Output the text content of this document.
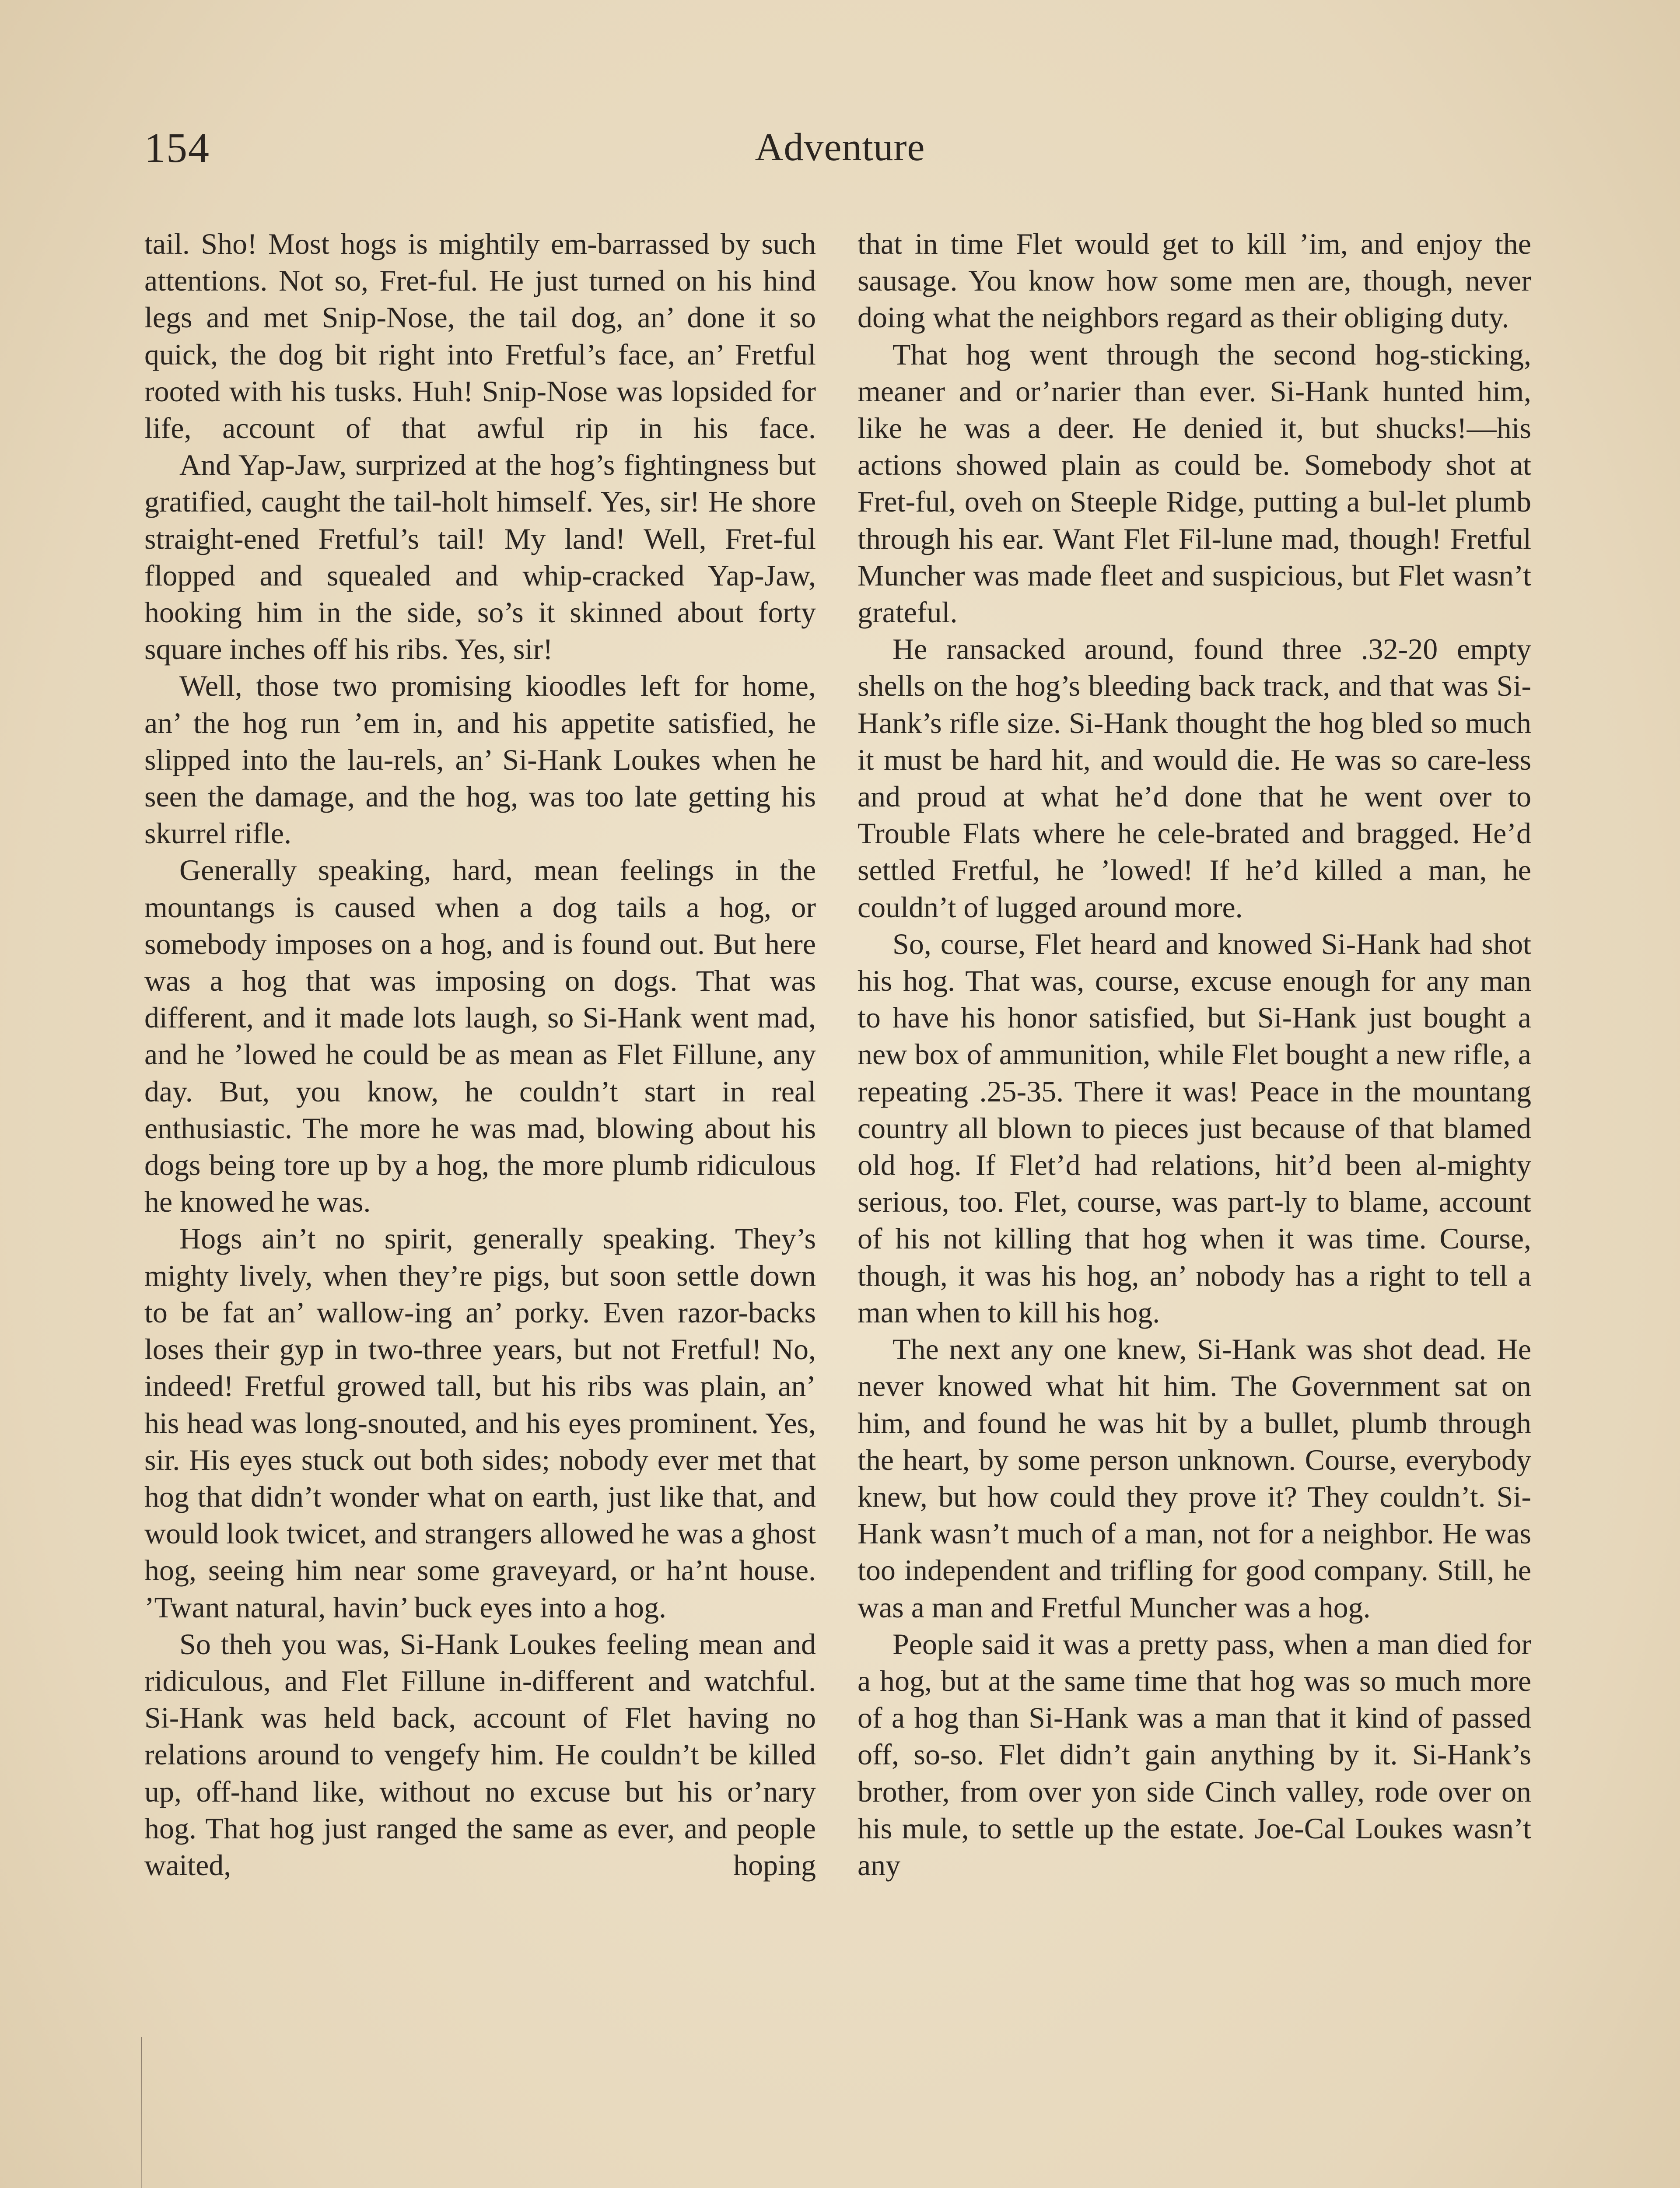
154	Adventure

tail. Sho! Most hogs is mightily em-barrassed by such attentions. Not so, Fret-ful. He just turned on his hind legs and met Snip-Nose, the tail dog, an’ done it so quick, the dog bit right into Fretful’s face, an’ Fretful rooted with his tusks. Huh! Snip-Nose was lopsided for life, account of that awful rip in his face.

And Yap-Jaw, surprized at the hog’s fightingness but gratified, caught the tail-holt himself. Yes, sir! He shore straight-ened Fretful’s tail! My land! Well, Fret-ful flopped and squealed and whip-cracked Yap-Jaw, hooking him in the side, so’s it skinned about forty square inches off his ribs. Yes, sir!

Well, those two promising kioodles left for home, an’ the hog run ’em in, and his appetite satisfied, he slipped into the lau-rels, an’ Si-Hank Loukes when he seen the damage, and the hog, was too late getting his skurrel rifle.

Generally speaking, hard, mean feelings in the mountangs is caused when a dog tails a hog, or somebody imposes on a hog, and is found out. But here was a hog that was imposing on dogs. That was different, and it made lots laugh, so Si-Hank went mad, and he ’lowed he could be as mean as Flet Fillune, any day. But, you know, he couldn’t start in real enthusiastic. The more he was mad, blowing about his dogs being tore up by a hog, the more plumb ridiculous he knowed he was.

Hogs ain’t no spirit, generally speaking. They’s mighty lively, when they’re pigs, but soon settle down to be fat an’ wallow-ing an’ porky. Even razor-backs loses their gyp in two-three years, but not Fretful! No, indeed! Fretful growed tall, but his ribs was plain, an’ his head was long-snouted, and his eyes prominent. Yes, sir. His eyes stuck out both sides; nobody ever met that hog that didn’t wonder what on earth, just like that, and would look twicet, and strangers allowed he was a ghost hog, seeing him near some graveyard, or ha’nt house. ’Twant natural, havin’ buck eyes into a hog.

So theh you was, Si-Hank Loukes feeling mean and ridiculous, and Flet Fillune in-different and watchful. Si-Hank was held back, account of Flet having no relations around to vengefy him. He couldn’t be killed up, off-hand like, without no excuse but his or’nary hog. That hog just ranged the same as ever, and people waited, hoping

that in time Flet would get to kill ’im, and enjoy the sausage. You know how some men are, though, never doing what the neighbors regard as their obliging duty.

That hog went through the second hog-sticking, meaner and or’narier than ever. Si-Hank hunted him, like he was a deer. He denied it, but shucks!—his actions showed plain as could be. Somebody shot at Fret-ful, oveh on Steeple Ridge, putting a bul-let plumb through his ear. Want Flet Fil-lune mad, though! Fretful Muncher was made fleet and suspicious, but Flet wasn’t grateful.

He ransacked around, found three .32-20 empty shells on the hog’s bleeding back track, and that was Si-Hank’s rifle size. Si-Hank thought the hog bled so much it must be hard hit, and would die. He was so care-less and proud at what he’d done that he went over to Trouble Flats where he cele-brated and bragged. He’d settled Fretful, he ’lowed! If he’d killed a man, he couldn’t of lugged around more.

So, course, Flet heard and knowed Si-Hank had shot his hog. That was, course, excuse enough for any man to have his honor satisfied, but Si-Hank just bought a new box of ammunition, while Flet bought a new rifle, a repeating .25-35. There it was! Peace in the mountang country all blown to pieces just because of that blamed old hog. If Flet’d had relations, hit’d been al-mighty serious, too. Flet, course, was part-ly to blame, account of his not killing that hog when it was time. Course, though, it was his hog, an’ nobody has a right to tell a man when to kill his hog.

The next any one knew, Si-Hank was shot dead. He never knowed what hit him. The Government sat on him, and found he was hit by a bullet, plumb through the heart, by some person unknown. Course, everybody knew, but how could they prove it? They couldn’t. Si-Hank wasn’t much of a man, not for a neighbor. He was too independent and trifling for good company. Still, he was a man and Fretful Muncher was a hog.

People said it was a pretty pass, when a man died for a hog, but at the same time that hog was so much more of a hog than Si-Hank was a man that it kind of passed off, so-so. Flet didn’t gain anything by it. Si-Hank’s brother, from over yon side Cinch valley, rode over on his mule, to settle up the estate. Joe-Cal Loukes wasn’t any
